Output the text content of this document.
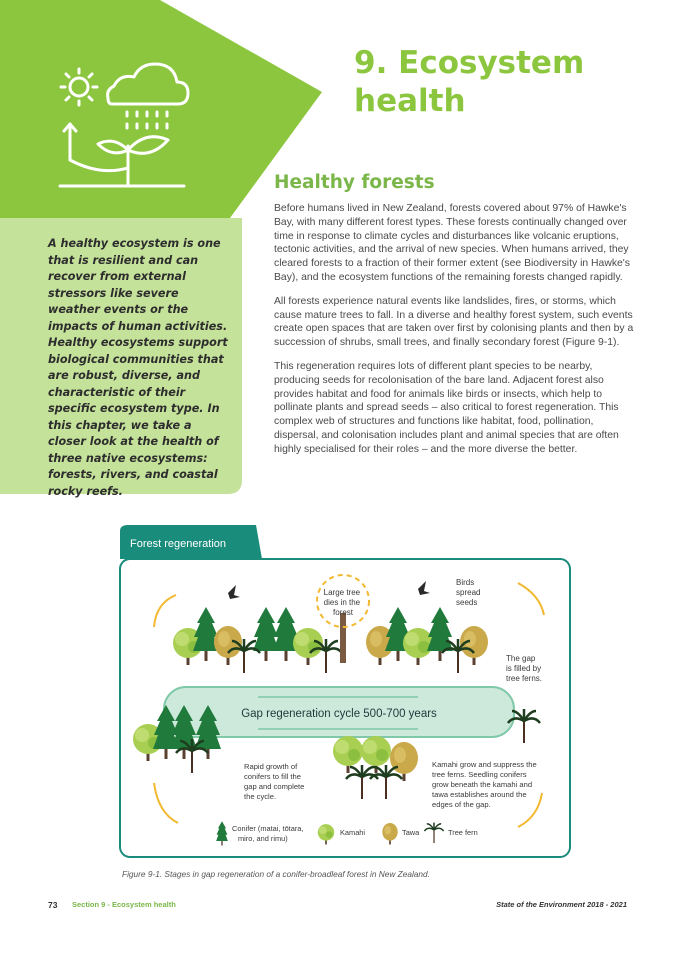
9. Ecosystem
health

A healthy ecosystem is one that is resilient and can recover from external stressors like severe weather events or the impacts of human activities. Healthy ecosystems support biological communities that are robust, diverse, and characteristic of their specific ecosystem type. In this chapter, we take a closer look at the health of three native ecosystems: forests, rivers, and coastal rocky reefs.

Healthy forests

Before humans lived in New Zealand, forests covered about 97% of Hawke's Bay, with many different forest types. These forests continually changed over time in response to climate cycles and disturbances like volcanic eruptions, tectonic activities, and the arrival of new species. When humans arrived, they cleared forests to a fraction of their former extent (see Biodiversity in Hawke's Bay), and the ecosystem functions of the remaining forests changed rapidly.

All forests experience natural events like landslides, fires, or storms, which cause mature trees to fall. In a diverse and healthy forest system, such events create open spaces that are taken over first by colonising plants and then by a succession of shrubs, small trees, and finally secondary forest (Figure 9-1).

This regeneration requires lots of different plant species to be nearby, producing seeds for recolonisation of the bare land. Adjacent forest also provides habitat and food for animals like birds or insects, which help to pollinate plants and spread seeds – also critical to forest regeneration. This complex web of structures and functions like habitat, food, pollination, dispersal, and colonisation includes plant and animal species that are often highly specialised for their roles – and the more diverse the better.

Forest regeneration
Large tree dies in the forest
Birds spread seeds
The gap is filled by tree ferns.
Gap regeneration cycle 500-700 years
Rapid growth of conifers to fill the gap and complete the cycle.
Kamahi grow and suppress the tree ferns. Seedling conifers grow beneath the kamahi and tawa establishes around the edges of the gap.
Conifer (matai, tōtara, miro, and rimu)
Kamahi	Tawa	Tree fern

Figure 9-1. Stages in gap regeneration of a conifer-broadleaf forest in New Zealand.

73 Section 9 - Ecosystem health	State of the Environment 2018 - 2021
